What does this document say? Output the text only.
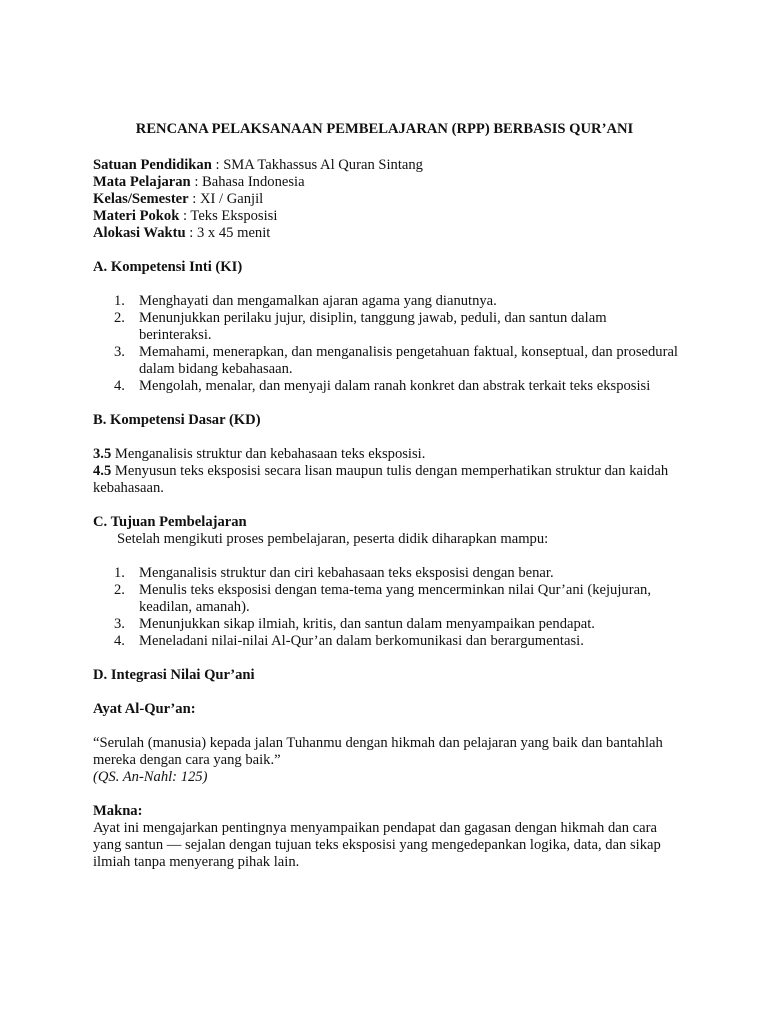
RENCANA PELAKSANAAN PEMBELAJARAN (RPP) BERBASIS QUR’ANI

Satuan Pendidikan : SMA Takhassus Al Quran Sintang

Mata Pelajaran : Bahasa Indonesia

Kelas/Semester : XI / Ganjil

Materi Pokok : Teks Eksposisi

Alokasi Waktu : 3 x 45 menit

A. Kompetensi Inti (KI)

1. Menghayati dan mengamalkan ajaran agama yang dianutnya.
2. Menunjukkan perilaku jujur, disiplin, tanggung jawab, peduli, dan santun dalam berinteraksi.
3. Memahami, menerapkan, dan menganalisis pengetahuan faktual, konseptual, dan prosedural dalam bidang kebahasaan.
4. Mengolah, menalar, dan menyaji dalam ranah konkret dan abstrak terkait teks eksposisi

B. Kompetensi Dasar (KD)

3.5 Menganalisis struktur dan kebahasaan teks eksposisi.

4.5 Menyusun teks eksposisi secara lisan maupun tulis dengan memperhatikan struktur dan kaidah kebahasaan.

C. Tujuan Pembelajaran

Setelah mengikuti proses pembelajaran, peserta didik diharapkan mampu:

1. Menganalisis struktur dan ciri kebahasaan teks eksposisi dengan benar.
2. Menulis teks eksposisi dengan tema-tema yang mencerminkan nilai Qur’ani (kejujuran, keadilan, amanah).
3. Menunjukkan sikap ilmiah, kritis, dan santun dalam menyampaikan pendapat.
4. Meneladani nilai-nilai Al-Qur’an dalam berkomunikasi dan berargumentasi.

D. Integrasi Nilai Qur’ani

Ayat Al-Qur’an:

“Serulah (manusia) kepada jalan Tuhanmu dengan hikmah dan pelajaran yang baik dan bantahlah mereka dengan cara yang baik.”

(QS. An-Nahl: 125)

Makna:

Ayat ini mengajarkan pentingnya menyampaikan pendapat dan gagasan dengan hikmah dan cara yang santun — sejalan dengan tujuan teks eksposisi yang mengedepankan logika, data, dan sikap ilmiah tanpa menyerang pihak lain.
